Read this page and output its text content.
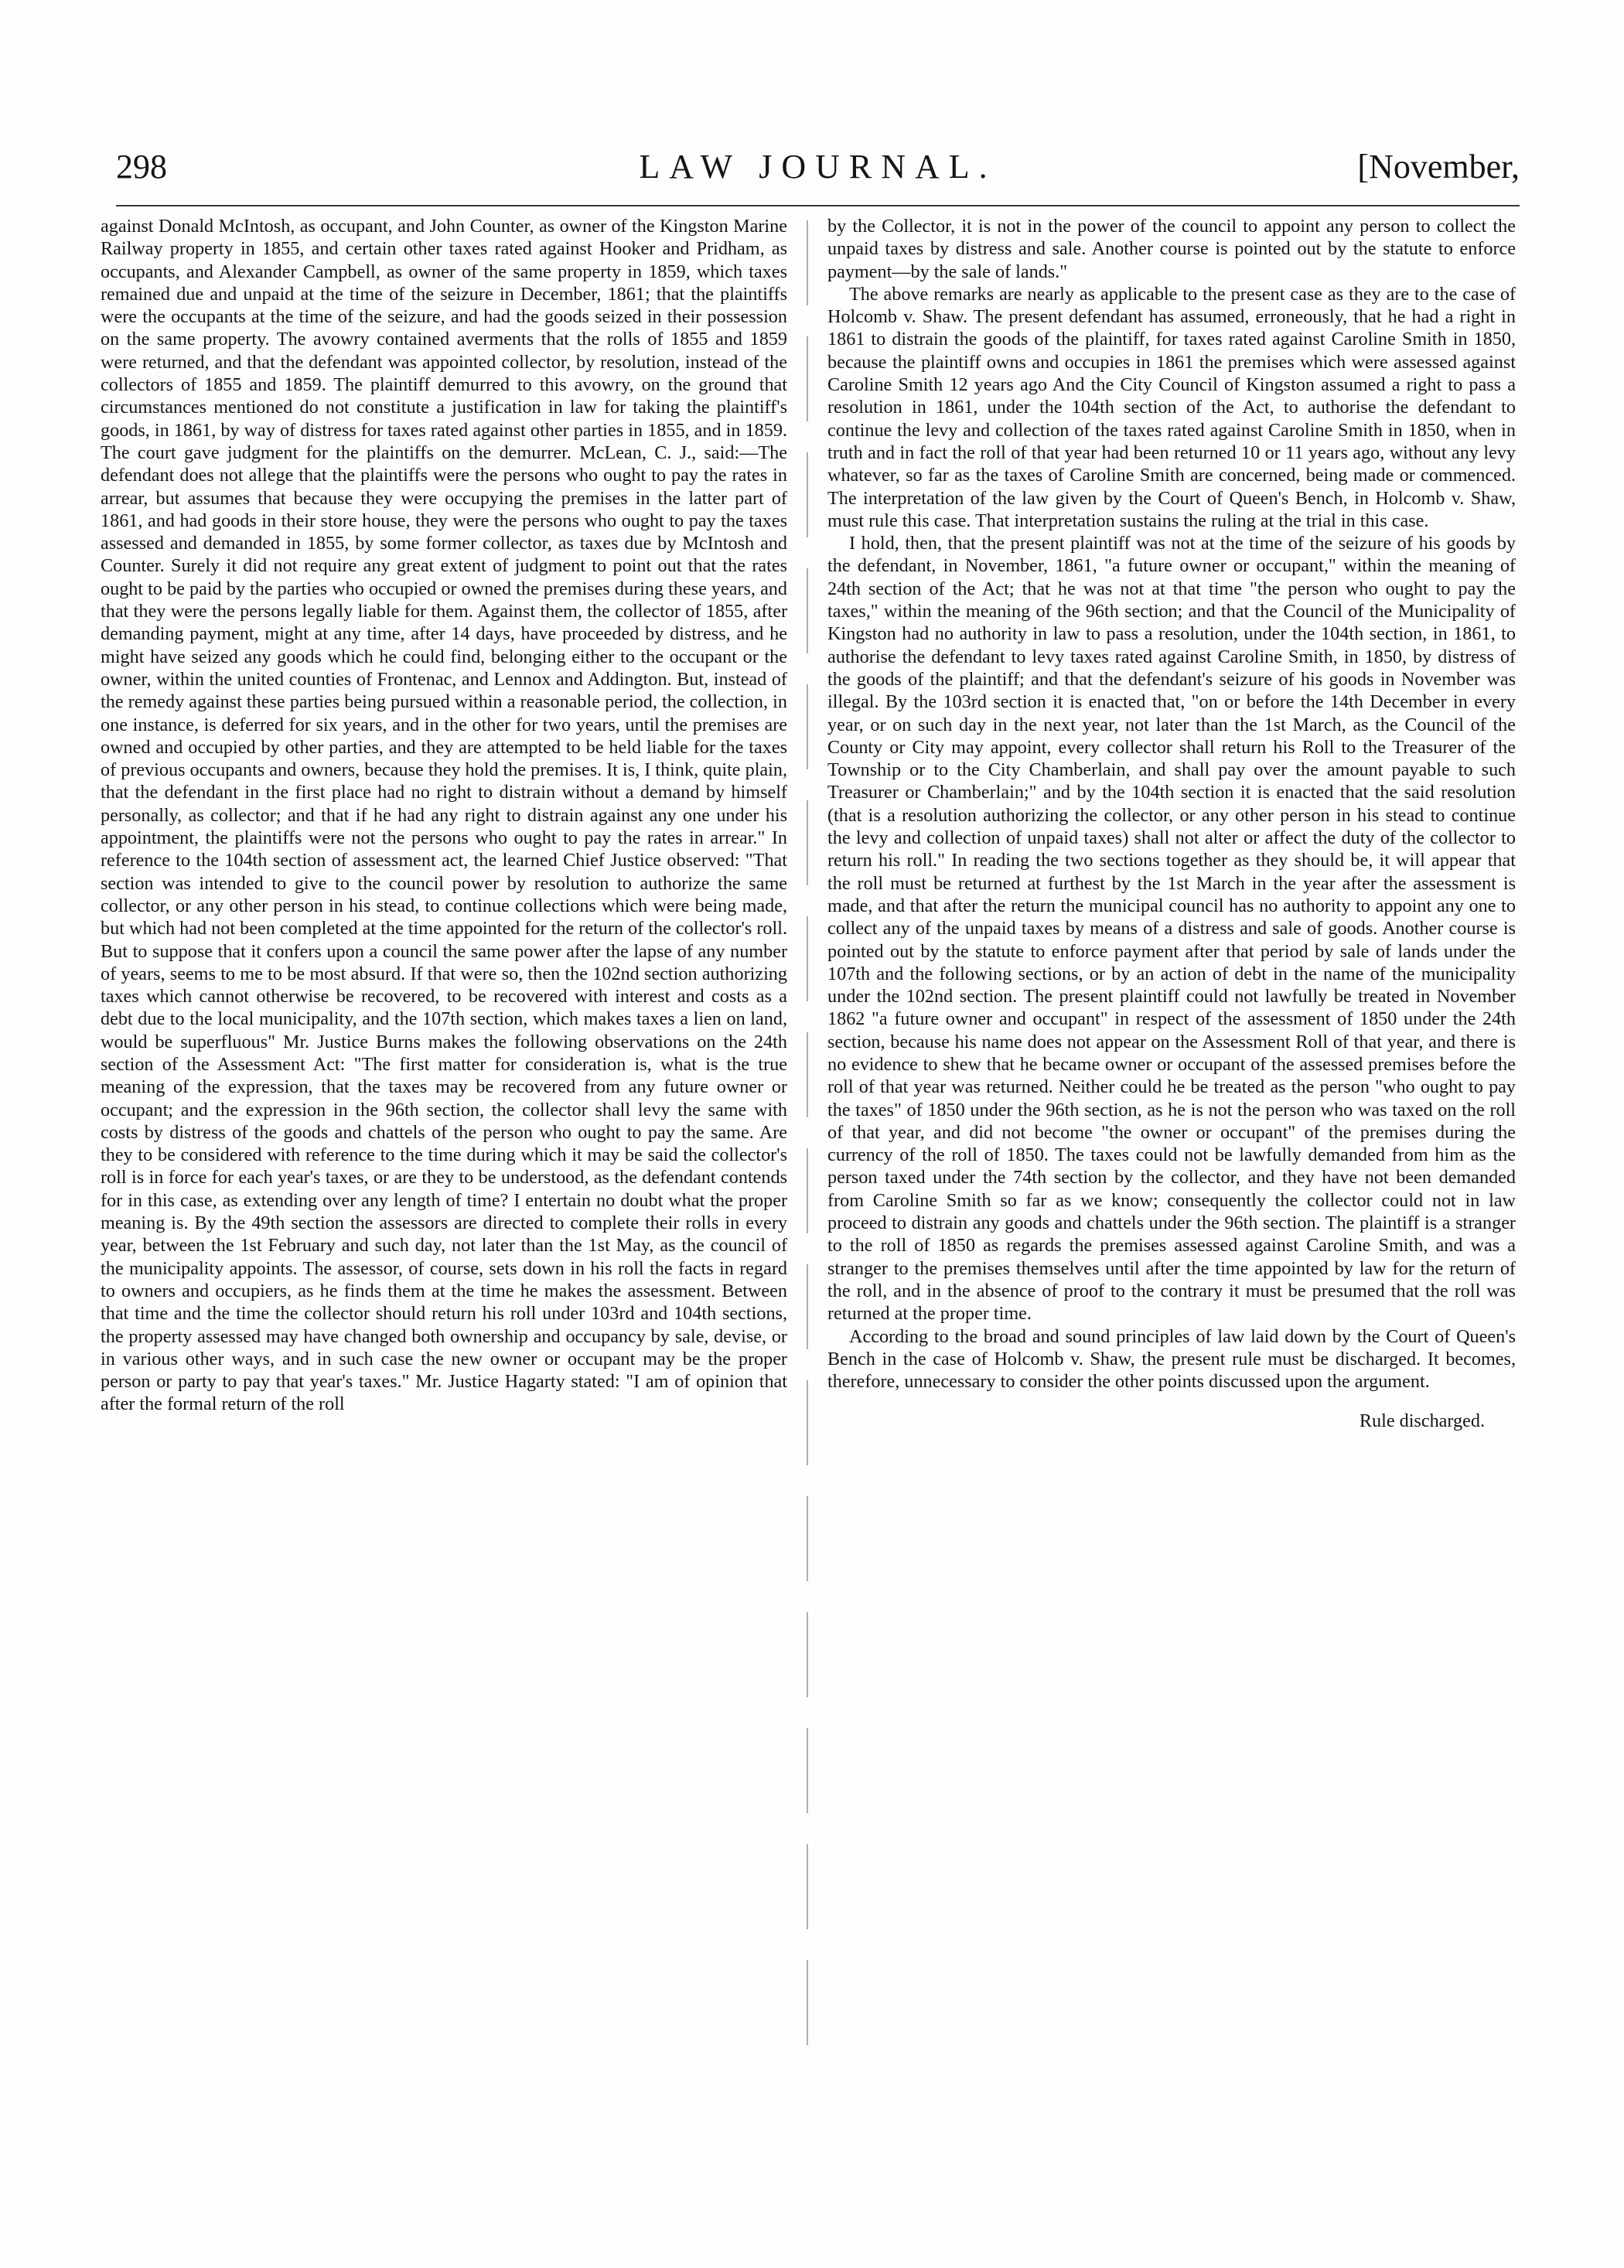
298	LAW JOURNAL.	[November,

against Donald McIntosh, as occupant, and John Counter, as owner of the Kingston Marine Railway property in 1855, and certain other taxes rated against Hooker and Pridham, as occupants, and Alexander Campbell, as owner of the same property in 1859, which taxes remained due and unpaid at the time of the seizure in December, 1861; that the plaintiffs were the occupants at the time of the seizure, and had the goods seized in their possession on the same property. The avowry contained averments that the rolls of 1855 and 1859 were returned, and that the defendant was appointed collector, by resolution, instead of the collectors of 1855 and 1859. The plaintiff demurred to this avowry, on the ground that circumstances mentioned do not constitute a justification in law for taking the plaintiff's goods, in 1861, by way of distress for taxes rated against other parties in 1855, and in 1859. The court gave judgment for the plaintiffs on the demurrer. McLean, C. J., said:—The defendant does not allege that the plaintiffs were the persons who ought to pay the rates in arrear, but assumes that because they were occupying the premises in the latter part of 1861, and had goods in their store house, they were the persons who ought to pay the taxes assessed and demanded in 1855, by some former collector, as taxes due by McIntosh and Counter. Surely it did not require any great extent of judgment to point out that the rates ought to be paid by the parties who occupied or owned the premises during these years, and that they were the persons legally liable for them. Against them, the collector of 1855, after demanding payment, might at any time, after 14 days, have proceeded by distress, and he might have seized any goods which he could find, belonging either to the occupant or the owner, within the united counties of Frontenac, and Lennox and Addington. But, instead of the remedy against these parties being pursued within a reasonable period, the collection, in one instance, is deferred for six years, and in the other for two years, until the premises are owned and occupied by other parties, and they are attempted to be held liable for the taxes of previous occupants and owners, because they hold the premises. It is, I think, quite plain, that the defendant in the first place had no right to distrain without a demand by himself personally, as collector; and that if he had any right to distrain against any one under his appointment, the plaintiffs were not the persons who ought to pay the rates in arrear." In reference to the 104th section of assessment act, the learned Chief Justice observed: "That section was intended to give to the council power by resolution to authorize the same collector, or any other person in his stead, to continue collections which were being made, but which had not been completed at the time appointed for the return of the collector's roll. But to suppose that it confers upon a council the same power after the lapse of any number of years, seems to me to be most absurd. If that were so, then the 102nd section authorizing taxes which cannot otherwise be recovered, to be recovered with interest and costs as a debt due to the local municipality, and the 107th section, which makes taxes a lien on land, would be superfluous" Mr. Justice Burns makes the following observations on the 24th section of the Assessment Act: "The first matter for consideration is, what is the true meaning of the expression, that the taxes may be recovered from any future owner or occupant; and the expression in the 96th section, the collector shall levy the same with costs by distress of the goods and chattels of the person who ought to pay the same. Are they to be considered with reference to the time during which it may be said the collector's roll is in force for each year's taxes, or are they to be understood, as the defendant contends for in this case, as extending over any length of time? I entertain no doubt what the proper meaning is. By the 49th section the assessors are directed to complete their rolls in every year, between the 1st February and such day, not later than the 1st May, as the council of the municipality appoints. The assessor, of course, sets down in his roll the facts in regard to owners and occupiers, as he finds them at the time he makes the assessment. Between that time and the time the collector should return his roll under 103rd and 104th sections, the property assessed may have changed both ownership and occupancy by sale, devise, or in various other ways, and in such case the new owner or occupant may be the proper person or party to pay that year's taxes." Mr. Justice Hagarty stated: "I am of opinion that after the formal return of the roll

by the Collector, it is not in the power of the council to appoint any person to collect the unpaid taxes by distress and sale. Another course is pointed out by the statute to enforce payment—by the sale of lands."

The above remarks are nearly as applicable to the present case as they are to the case of Holcomb v. Shaw. The present defendant has assumed, erroneously, that he had a right in 1861 to distrain the goods of the plaintiff, for taxes rated against Caroline Smith in 1850, because the plaintiff owns and occupies in 1861 the premises which were assessed against Caroline Smith 12 years ago And the City Council of Kingston assumed a right to pass a resolution in 1861, under the 104th section of the Act, to authorise the defendant to continue the levy and collection of the taxes rated against Caroline Smith in 1850, when in truth and in fact the roll of that year had been returned 10 or 11 years ago, without any levy whatever, so far as the taxes of Caroline Smith are concerned, being made or commenced. The interpretation of the law given by the Court of Queen's Bench, in Holcomb v. Shaw, must rule this case. That interpretation sustains the ruling at the trial in this case.

I hold, then, that the present plaintiff was not at the time of the seizure of his goods by the defendant, in November, 1861, "a future owner or occupant," within the meaning of 24th section of the Act; that he was not at that time "the person who ought to pay the taxes," within the meaning of the 96th section; and that the Council of the Municipality of Kingston had no authority in law to pass a resolution, under the 104th section, in 1861, to authorise the defendant to levy taxes rated against Caroline Smith, in 1850, by distress of the goods of the plaintiff; and that the defendant's seizure of his goods in November was illegal. By the 103rd section it is enacted that, "on or before the 14th December in every year, or on such day in the next year, not later than the 1st March, as the Council of the County or City may appoint, every collector shall return his Roll to the Treasurer of the Township or to the City Chamberlain, and shall pay over the amount payable to such Treasurer or Chamberlain;" and by the 104th section it is enacted that the said resolution (that is a resolution authorizing the collector, or any other person in his stead to continue the levy and collection of unpaid taxes) shall not alter or affect the duty of the collector to return his roll." In reading the two sections together as they should be, it will appear that the roll must be returned at furthest by the 1st March in the year after the assessment is made, and that after the return the municipal council has no authority to appoint any one to collect any of the unpaid taxes by means of a distress and sale of goods. Another course is pointed out by the statute to enforce payment after that period by sale of lands under the 107th and the following sections, or by an action of debt in the name of the municipality under the 102nd section. The present plaintiff could not lawfully be treated in November 1862 "a future owner and occupant" in respect of the assessment of 1850 under the 24th section, because his name does not appear on the Assessment Roll of that year, and there is no evidence to shew that he became owner or occupant of the assessed premises before the roll of that year was returned. Neither could he be treated as the person "who ought to pay the taxes" of 1850 under the 96th section, as he is not the person who was taxed on the roll of that year, and did not become "the owner or occupant" of the premises during the currency of the roll of 1850. The taxes could not be lawfully demanded from him as the person taxed under the 74th section by the collector, and they have not been demanded from Caroline Smith so far as we know; consequently the collector could not in law proceed to distrain any goods and chattels under the 96th section. The plaintiff is a stranger to the roll of 1850 as regards the premises assessed against Caroline Smith, and was a stranger to the premises themselves until after the time appointed by law for the return of the roll, and in the absence of proof to the contrary it must be presumed that the roll was returned at the proper time.

According to the broad and sound principles of law laid down by the Court of Queen's Bench in the case of Holcomb v. Shaw, the present rule must be discharged. It becomes, therefore, unnecessary to consider the other points discussed upon the argument.

Rule discharged.
